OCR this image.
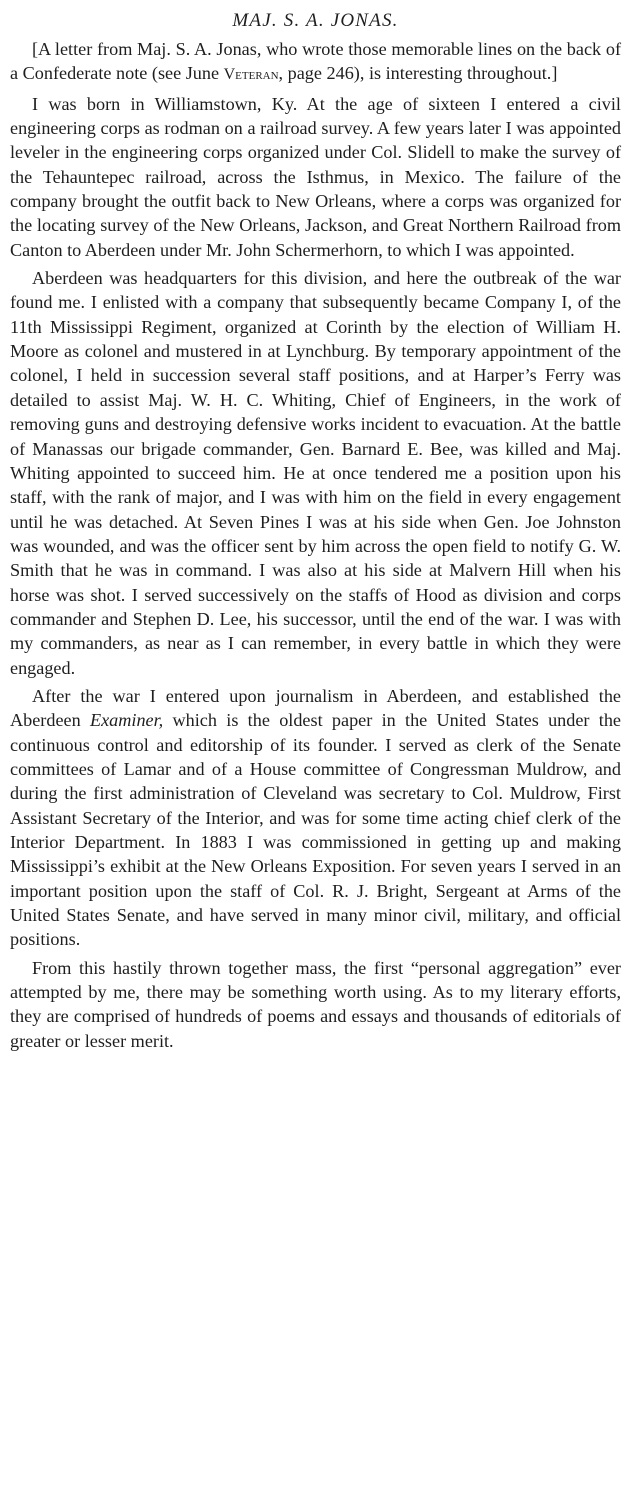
MAJ. S. A. JONAS.

[A letter from Maj. S. A. Jonas, who wrote those memorable lines on the back of a Confederate note (see June Veteran, page 246), is interesting throughout.]

I was born in Williamstown, Ky. At the age of sixteen I entered a civil engineering corps as rodman on a railroad survey. A few years later I was appointed leveler in the engineering corps organized under Col. Slidell to make the survey of the Tehauntepec railroad, across the Isthmus, in Mexico. The failure of the company brought the outfit back to New Orleans, where a corps was organized for the locating survey of the New Orleans, Jackson, and Great Northern Railroad from Canton to Aberdeen under Mr. John Schermerhorn, to which I was appointed.

Aberdeen was headquarters for this division, and here the outbreak of the war found me. I enlisted with a company that subsequently became Company I, of the 11th Mississippi Regiment, organized at Corinth by the election of William H. Moore as colonel and mustered in at Lynchburg. By temporary appointment of the colonel, I held in succession several staff positions, and at Harper’s Ferry was detailed to assist Maj. W. H. C. Whiting, Chief of Engineers, in the work of removing guns and destroying defensive works incident to evacuation. At the battle of Manassas our brigade commander, Gen. Barnard E. Bee, was killed and Maj. Whiting appointed to succeed him. He at once tendered me a position upon his staff, with the rank of major, and I was with him on the field in every engagement until he was detached. At Seven Pines I was at his side when Gen. Joe Johnston was wounded, and was the officer sent by him across the open field to notify G. W. Smith that he was in command. I was also at his side at Malvern Hill when his horse was shot. I served successively on the staffs of Hood as division and corps commander and Stephen D. Lee, his successor, until the end of the war. I was with my commanders, as near as I can remember, in every battle in which they were engaged.

After the war I entered upon journalism in Aberdeen, and established the Aberdeen Examiner, which is the oldest paper in the United States under the continuous control and editorship of its founder. I served as clerk of the Senate committees of Lamar and of a House committee of Congressman Muldrow, and during the first administration of Cleveland was secretary to Col. Muldrow, First Assistant Secretary of the Interior, and was for some time acting chief clerk of the Interior Department. In 1883 I was commissioned in getting up and making Mississippi’s exhibit at the New Orleans Exposition. For seven years I served in an important position upon the staff of Col. R. J. Bright, Sergeant at Arms of the United States Senate, and have served in many minor civil, military, and official positions.

From this hastily thrown together mass, the first “personal aggregation” ever attempted by me, there may be something worth using. As to my literary efforts, they are comprised of hundreds of poems and essays and thousands of editorials of greater or lesser merit.
